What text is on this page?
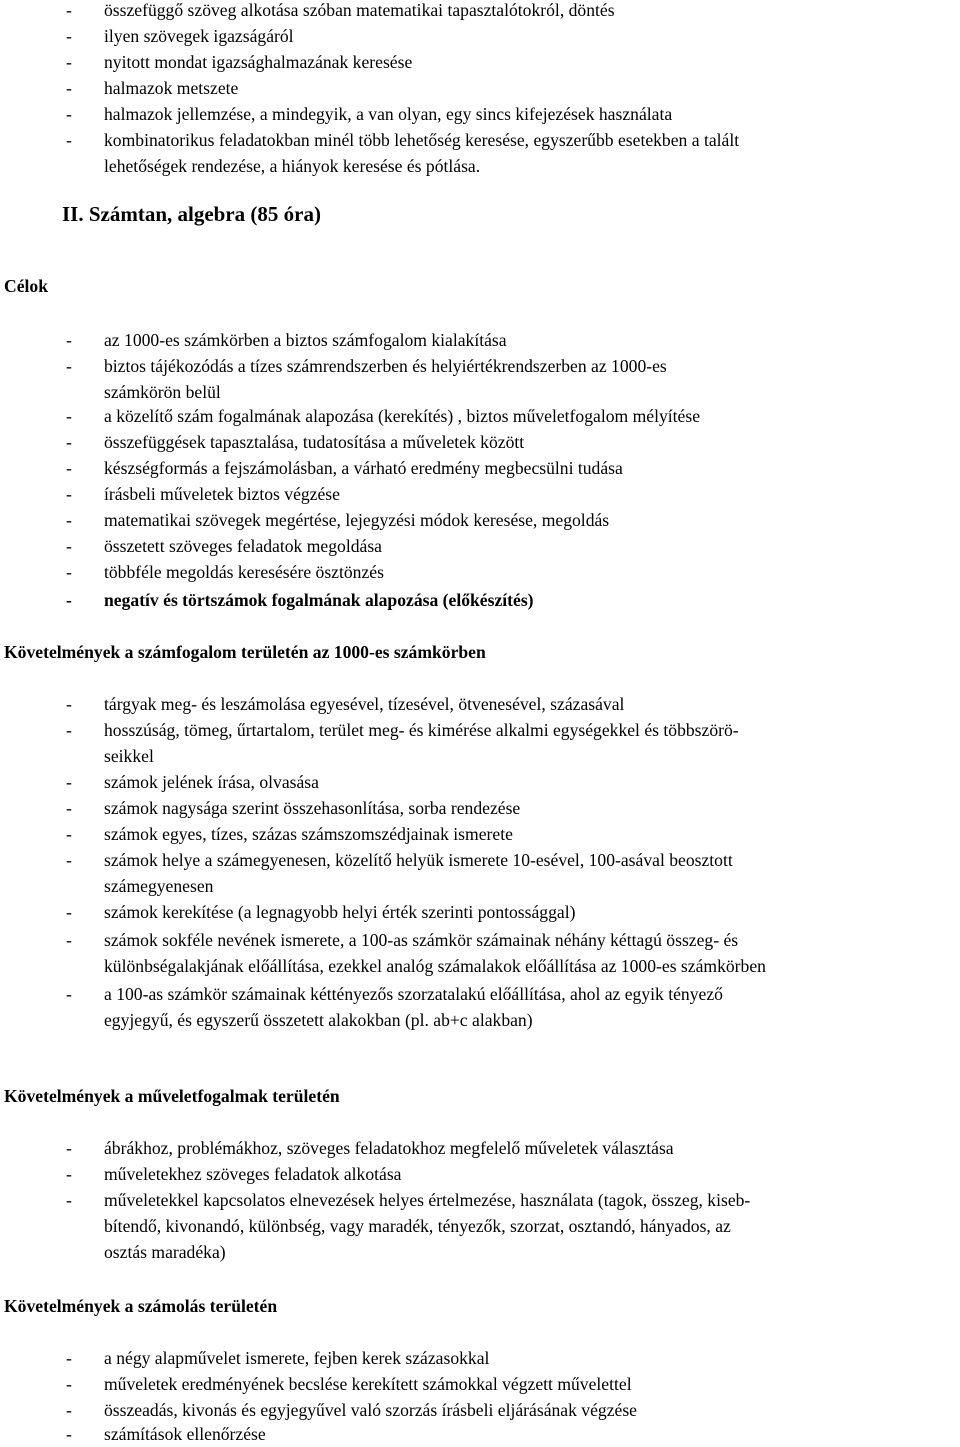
- összefüggő szöveg alkotása szóban matematikai tapasztalótokról, döntés
- ilyen szövegek igazságáról
- nyitott mondat igazsághalmazának keresése
- halmazok metszete
- halmazok jellemzése, a mindegyik, a van olyan, egy sincs kifejezések használata
- kombinatorikus feladatokban minél több lehetőség keresése, egyszerűbb esetekben a talált
lehetőségek rendezése, a hiányok keresése és pótlása.
II. Számtan, algebra (85 óra)
Célok
- az 1000-es számkörben a biztos számfogalom kialakítása
- biztos tájékozódás a tízes számrendszerben és helyiértékrendszerben az 1000-es
számkörön belül
- a közelítő szám fogalmának alapozása (kerekítés) , biztos műveletfogalom mélyítése
- összefüggések tapasztalása, tudatosítása a műveletek között
- készségformás a fejszámolásban, a várható eredmény megbecsülni tudása
- írásbeli műveletek biztos végzése
- matematikai szövegek megértése, lejegyzési módok keresése, megoldás
- összetett szöveges feladatok megoldása
- többféle megoldás keresésére ösztönzés
- negatív és törtszámok fogalmának alapozása (előkészítés)
Követelmények a számfogalom területén az 1000-es számkörben
- tárgyak meg- és leszámolása egyesével, tízesével, ötvenesével, százasával
- hosszúság, tömeg, űrtartalom, terület meg- és kimérése alkalmi egységekkel és többszörö-
seikkel
- számok jelének írása, olvasása
- számok nagysága szerint összehasonlítása, sorba rendezése
- számok egyes, tízes, százas számszomszédjainak ismerete
- számok helye a számegyenesen, közelítő helyük ismerete 10-esével, 100-asával beosztott
számegyenesen
- számok kerekítése (a legnagyobb helyi érték szerinti pontossággal)
- számok sokféle nevének ismerete, a 100-as számkör számainak néhány kéttagú összeg- és
különbségalakjának előállítása, ezekkel analóg számalakok előállítása az 1000-es számkörben
- a 100-as számkör számainak kéttényezős szorzatalakú előállítása, ahol az egyik tényező
egyjegyű, és egyszerű összetett alakokban (pl. ab+c alakban)
Követelmények a műveletfogalmak területén
- ábrákhoz, problémákhoz, szöveges feladatokhoz megfelelő műveletek választása
- műveletekhez szöveges feladatok alkotása
- műveletekkel kapcsolatos elnevezések helyes értelmezése, használata (tagok, összeg, kiseb-
bítendő, kivonandó, különbség, vagy maradék, tényezők, szorzat, osztandó, hányados, az
osztás maradéka)
Követelmények a számolás területén
- a négy alapművelet ismerete, fejben kerek százasokkal
- műveletek eredményének becslése kerekített számokkal végzett művelettel
- összeadás, kivonás és egyjegyűvel való szorzás írásbeli eljárásának végzése
- számítások ellenőrzése
